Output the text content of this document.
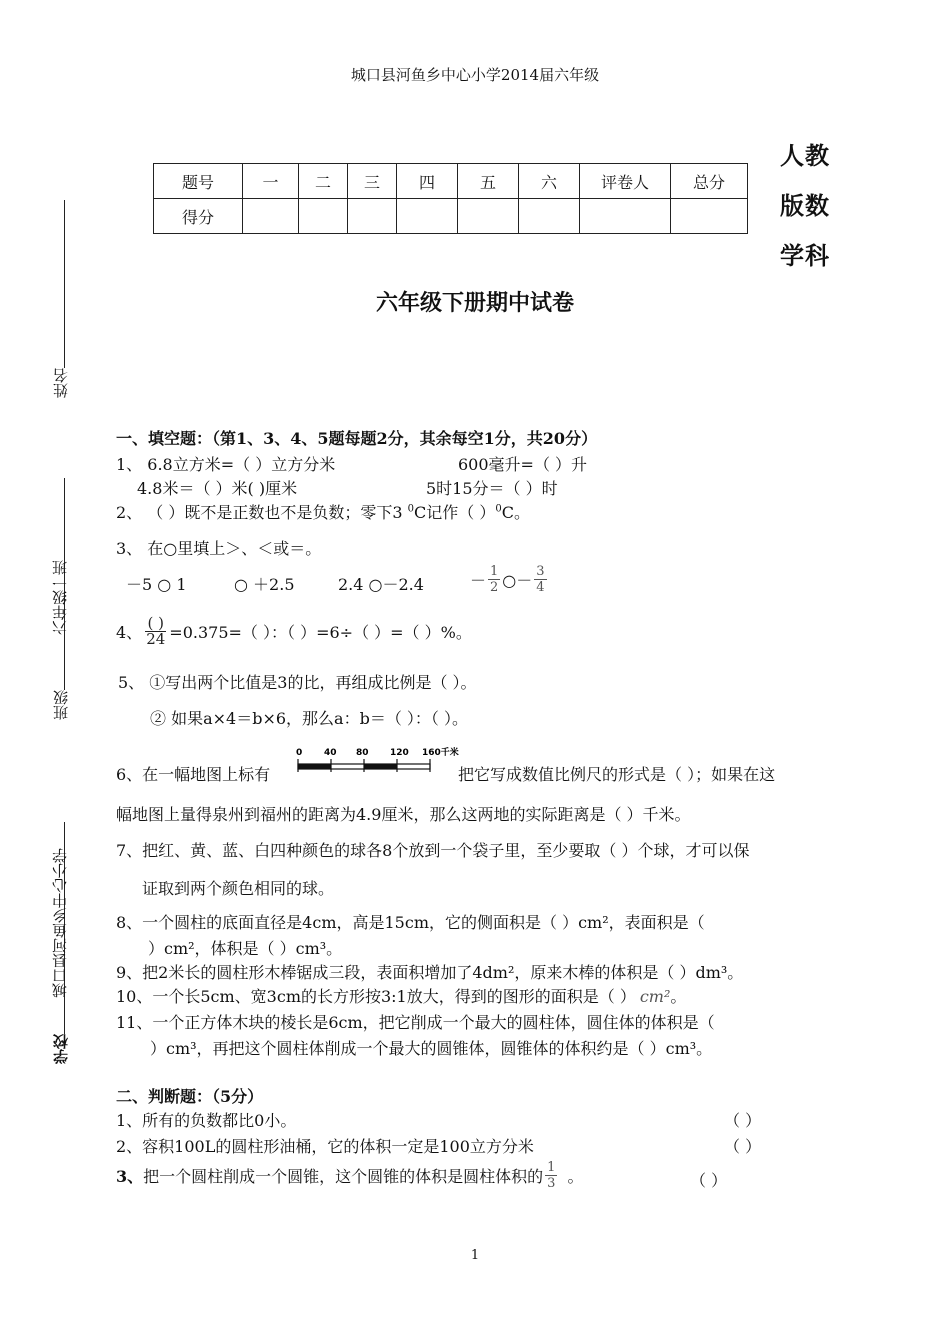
城口县河鱼乡中心小学2014届六年级
人教
版数
学科
题号	一	二	三	四	五	六	评卷人	总分
得分								
六年级下册期中试卷
姓名
六年级一班
班级
城口县河鱼乡中心小学
学校
一、填空题：（第1、3、4、5题每题2分，其余每空1分，共20分）
1、 6.8立方米=（ ）立方分米	600毫升=（ ）升
4.8米＝（ ）米( )厘米	5时15分＝（ ）时
2、 （ ）既不是正数也不是负数；零下3 $^0$C记作（ ）$^0$C。
3、 在○里填上＞、＜或＝。
－5 ○ 1	○ ＋2.5	2.4 ○－2.4	－ $\frac{1}{2}$ ○－ $\frac{3}{4}$
4、 $\frac{( )}{24} =0.375=$（ ）：（ ）=6÷（ ）=（ ）%。
5、 ①写出两个比值是3的比，再组成比例是（ ）。
② 如果a×4＝b×6，那么a：b＝（ ）：（ ）。
6、在一幅地图上标有
0 40 80 120 160千米
把它写成数值比例尺的形式是（ ）；如果在这
幅地图上量得泉州到福州的距离为4.9厘米，那么这两地的实际距离是（ ）千米。
7、把红、黄、蓝、白四种颜色的球各8个放到一个袋子里，至少要取（ ）个球，才可以保
证取到两个颜色相同的球。
8、一个圆柱的底面直径是4cm，高是15cm，它的侧面积是（ ）cm²，表面积是（
）cm²，体积是（ ）cm³。
9、把2米长的圆柱形木棒锯成三段，表面积增加了4dm²，原来木棒的体积是（ ）dm³。
10、一个长5cm、宽3cm的长方形按3:1放大，得到的图形的面积是（ ） cm²。
11、一个正方体木块的棱长是6cm，把它削成一个最大的圆柱体，圆住体的体积是（
）cm³，再把这个圆柱体削成一个最大的圆锥体，圆锥体的体积约是（ ）cm³。
二、判断题：（5分）
1、所有的负数都比0小。	（ ）
2、容积100L的圆柱形油桶，它的体积一定是100立方分米	（ ）
3、 把一个圆柱削成一个圆锥，这个圆锥的体积是圆柱体积的 $\frac{1}{3}$ 。	（ ）
1
